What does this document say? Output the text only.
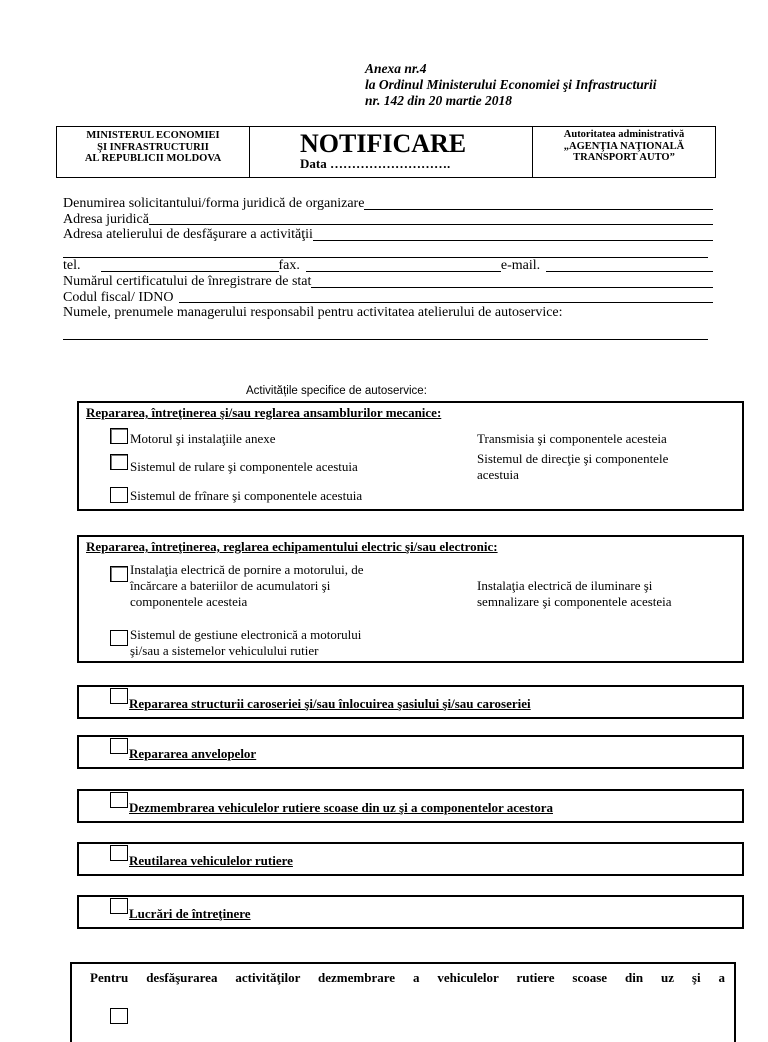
Anexa nr.4
la Ordinul Ministerului Economiei şi Infrastructurii
nr. 142 din 20 martie 2018
MINISTERUL ECONOMIEI
ŞI INFRASTRUCTURII
AL REPUBLICII MOLDOVA
NOTIFICARE
Data ……………………….
Autoritatea administrativă
„AGENŢIA NAŢIONALĂ
TRANSPORT AUTO”
Denumirea solicitantului/forma juridică de organizare
Adresa juridică
Adresa atelierului de desfăşurare a activităţii
tel.	fax.	e-mail.
Numărul certificatului de înregistrare de stat
Codul fiscal/ IDNO
Numele, prenumele managerului responsabil pentru activitatea atelierului de autoservice:
Activitățile specifice de autoservice:
Repararea, întreţinerea şi/sau reglarea ansamblurilor mecanice:
Motorul şi instalaţiile anexe
Sistemul de rulare şi componentele acestuia
Sistemul de frînare şi componentele acestuia
Transmisia şi componentele acesteia
Sistemul de direcţie şi componentele
acestuia
Repararea, întreţinerea, reglarea echipamentului electric şi/sau electronic:
Instalaţia electrică de pornire a motorului, de
încărcare a bateriilor de acumulatori şi
componentele acesteia
Sistemul de gestiune electronică a motorului
şi/sau a sistemelor vehiculului rutier
Instalaţia electrică de iluminare şi
semnalizare şi componentele acesteia
Repararea structurii caroseriei şi/sau înlocuirea şasiului şi/sau caroseriei
Repararea anvelopelor
Dezmembrarea vehiculelor rutiere scoase din uz şi a componentelor acestora
Reutilarea vehiculelor rutiere
Lucrări de întreţinere
Pentru desfăşurarea activităţilor dezmembrare a vehiculelor rutiere scoase din uz şi a
